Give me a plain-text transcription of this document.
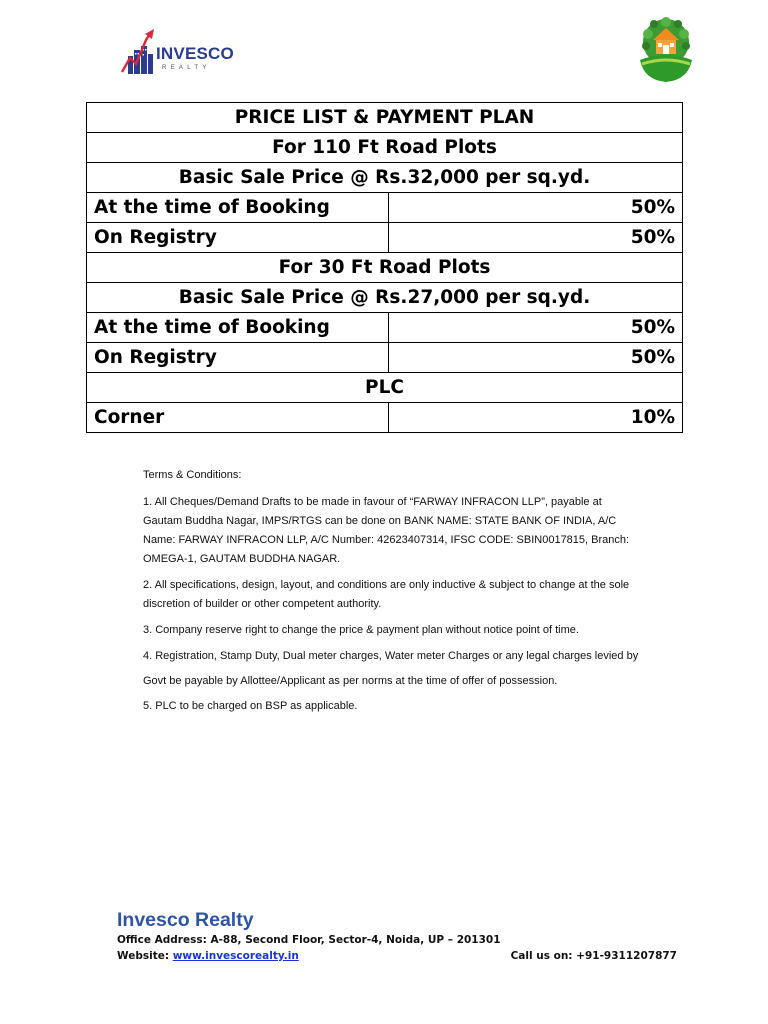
INVESCO
REALTY
PRICE LIST & PAYMENT PLAN	
For 110 Ft Road Plots	
Basic Sale Price @ Rs.32,000 per sq.yd.	
At the time of Booking	50%
On Registry	50%
For 30 Ft Road Plots	
Basic Sale Price @ Rs.27,000 per sq.yd.	
At the time of Booking	50%
On Registry	50%
PLC	
Corner	10%

Terms & Conditions:

1. All Cheques/Demand Drafts to be made in favour of “FARWAY INFRACON LLP”, payable at Gautam Buddha Nagar, IMPS/RTGS can be done on BANK NAME: STATE BANK OF INDIA, A/C Name: FARWAY INFRACON LLP, A/C Number: 42623407314, IFSC CODE: SBIN0017815, Branch: OMEGA-1, GAUTAM BUDDHA NAGAR.

2. All specifications, design, layout, and conditions are only inductive & subject to change at the sole discretion of builder or other competent authority.

3. Company reserve right to change the price & payment plan without notice point of time.

4. Registration, Stamp Duty, Dual meter charges, Water meter Charges or any legal charges levied by Govt be payable by Allottee/Applicant as per norms at the time of offer of possession.

5. PLC to be charged on BSP as applicable.

Invesco Realty
Office Address: A-88, Second Floor, Sector-4, Noida, UP – 201301
Website: www.invescorealty.in	Call us on: +91-9311207877
